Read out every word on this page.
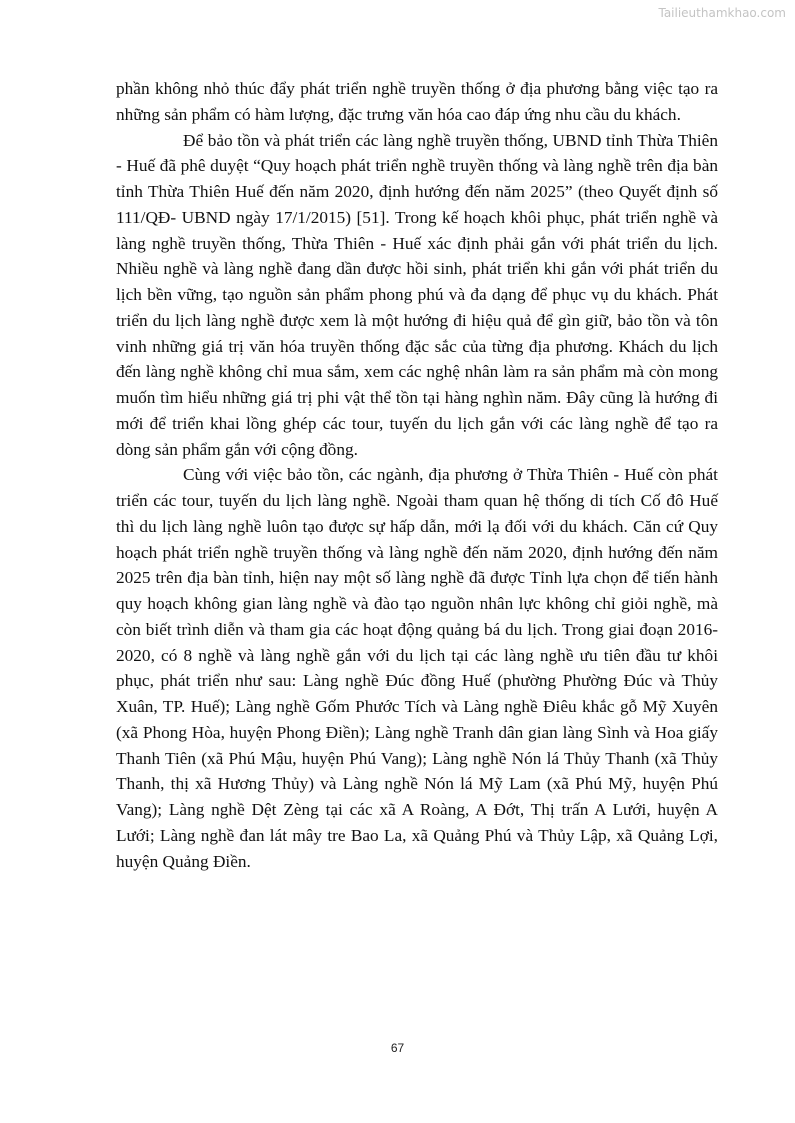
Tailieuthamkhao.com

phần không nhỏ thúc đẩy phát triển nghề truyền thống ở địa phương bằng việc tạo ra những sản phẩm có hàm lượng, đặc trưng văn hóa cao đáp ứng nhu cầu du khách.

Để bảo tồn và phát triển các làng nghề truyền thống, UBND tỉnh Thừa Thiên - Huế đã phê duyệt “Quy hoạch phát triển nghề truyền thống và làng nghề trên địa bàn tỉnh Thừa Thiên Huế đến năm 2020, định hướng đến năm 2025” (theo Quyết định số 111/QĐ- UBND ngày 17/1/2015) [51]. Trong kế hoạch khôi phục, phát triển nghề và làng nghề truyền thống, Thừa Thiên - Huế xác định phải gắn với phát triển du lịch. Nhiều nghề và làng nghề đang dần được hồi sinh, phát triển khi gắn với phát triển du lịch bền vững, tạo nguồn sản phẩm phong phú và đa dạng để phục vụ du khách. Phát triển du lịch làng nghề được xem là một hướng đi hiệu quả để gìn giữ, bảo tồn và tôn vinh những giá trị văn hóa truyền thống đặc sắc của từng địa phương. Khách du lịch đến làng nghề không chỉ mua sắm, xem các nghệ nhân làm ra sản phẩm mà còn mong muốn tìm hiểu những giá trị phi vật thể tồn tại hàng nghìn năm. Đây cũng là hướng đi mới để triển khai lồng ghép các tour, tuyến du lịch gắn với các làng nghề để tạo ra dòng sản phẩm gắn với cộng đồng.

Cùng với việc bảo tồn, các ngành, địa phương ở Thừa Thiên - Huế còn phát triển các tour, tuyến du lịch làng nghề. Ngoài tham quan hệ thống di tích Cố đô Huế thì du lịch làng nghề luôn tạo được sự hấp dẫn, mới lạ đối với du khách. Căn cứ Quy hoạch phát triển nghề truyền thống và làng nghề đến năm 2020, định hướng đến năm 2025 trên địa bàn tỉnh, hiện nay một số làng nghề đã được Tỉnh lựa chọn để tiến hành quy hoạch không gian làng nghề và đào tạo nguồn nhân lực không chỉ giỏi nghề, mà còn biết trình diễn và tham gia các hoạt động quảng bá du lịch. Trong giai đoạn 2016- 2020, có 8 nghề và làng nghề gắn với du lịch tại các làng nghề ưu tiên đầu tư khôi phục, phát triển như sau: Làng nghề Đúc đồng Huế (phường Phường Đúc và Thủy Xuân, TP. Huế); Làng nghề Gốm Phước Tích và Làng nghề Điêu khắc gỗ Mỹ Xuyên (xã Phong Hòa, huyện Phong Điền); Làng nghề Tranh dân gian làng Sình và Hoa giấy Thanh Tiên (xã Phú Mậu, huyện Phú Vang); Làng nghề Nón lá Thủy Thanh (xã Thủy Thanh, thị xã Hương Thủy) và Làng nghề Nón lá Mỹ Lam (xã Phú Mỹ, huyện Phú Vang); Làng nghề Dệt Zèng tại các xã A Roàng, A Đớt, Thị trấn A Lưới, huyện A Lưới; Làng nghề đan lát mây tre Bao La, xã Quảng Phú và Thủy Lập, xã Quảng Lợi, huyện Quảng Điền.

67
